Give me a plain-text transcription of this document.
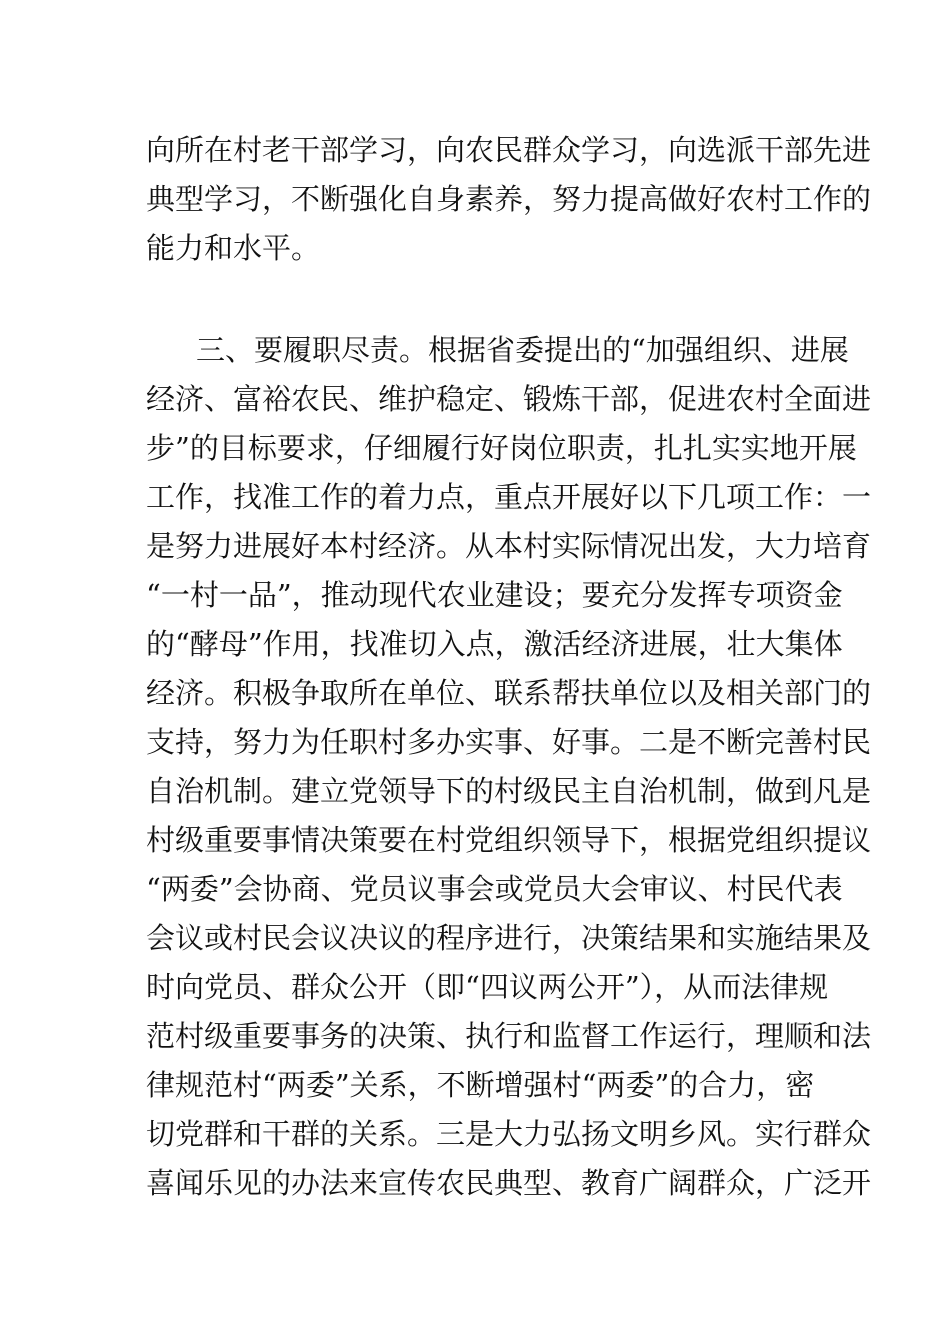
向所在村老干部学习，向农民群众学习，向选派干部先进

典型学习，不断强化自身素养，努力提高做好农村工作的

能力和水平。

三、要履职尽责。根据省委提出的“加强组织、进展

经济、富裕农民、维护稳定、锻炼干部，促进农村全面进

步”的目标要求，仔细履行好岗位职责，扎扎实实地开展

工作，找准工作的着力点，重点开展好以下几项工作：一

是努力进展好本村经济。从本村实际情况出发，大力培育

“一村一品”，推动现代农业建设；要充分发挥专项资金

的“酵母”作用，找准切入点，激活经济进展，壮大集体

经济。积极争取所在单位、联系帮扶单位以及相关部门的

支持，努力为任职村多办实事、好事。二是不断完善村民

自治机制。建立党领导下的村级民主自治机制，做到凡是

村级重要事情决策要在村党组织领导下，根据党组织提议

“两委”会协商、党员议事会或党员大会审议、村民代表

会议或村民会议决议的程序进行，决策结果和实施结果及

时向党员、群众公开（即“四议两公开”），从而法律规

范村级重要事务的决策、执行和监督工作运行，理顺和法

律规范村“两委”关系，不断增强村“两委”的合力，密

切党群和干群的关系。三是大力弘扬文明乡风。实行群众

喜闻乐见的办法来宣传农民典型、教育广阔群众，广泛开
